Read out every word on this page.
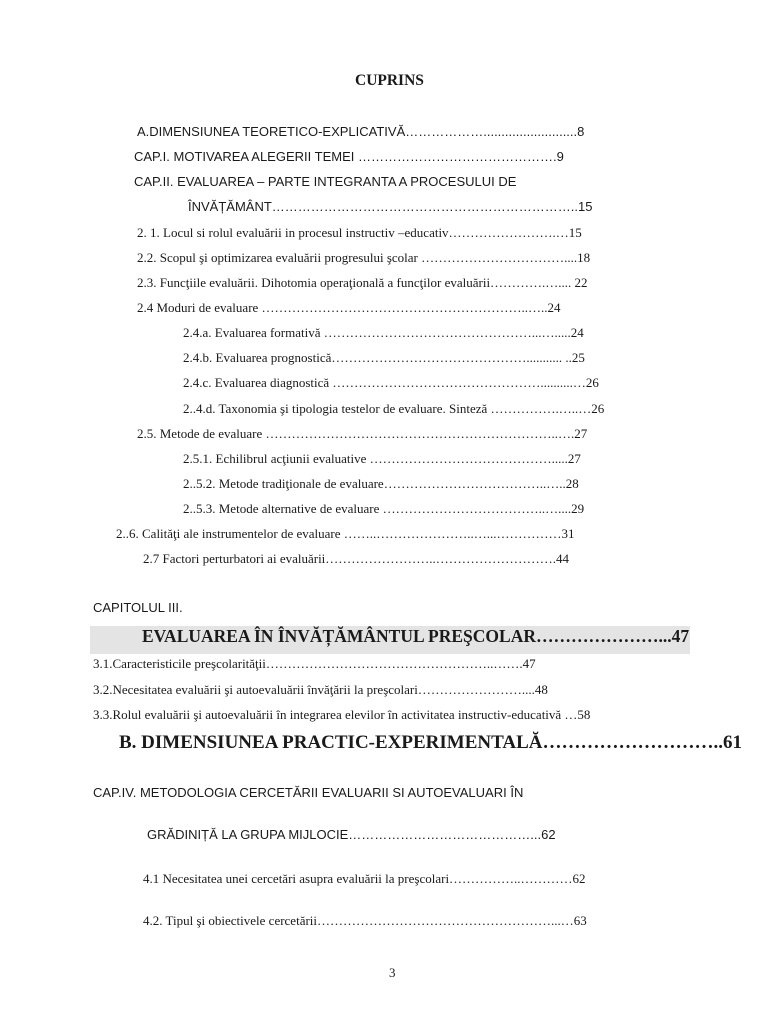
CUPRINS
A.DIMENSIUNEA TEORETICO-EXPLICATIVĂ………………..........................8
CAP.I. MOTIVAREA ALEGERII TEMEI ……………………………………….9
CAP.II. EVALUAREA – PARTE INTEGRANTA A PROCESULUI DE
ÎNVĂȚĂMÂNT……………………………………………………………..15
2. 1. Locul si rolul evaluării in procesul instructiv –educativ…………………….…15
2.2. Scopul şi optimizarea evaluării progresului şcolar ……………………………....18
2.3. Funcţiile evaluării. Dihotomia operaţională a funcţilor evaluării………….….... 22
2.4 Moduri de evaluare ……………………………………………………..…..24
2.4.a. Evaluarea formativă …………………………………………...….....24
2.4.b. Evaluarea prognostică………………………………………........... ..25
2.4.c. Evaluarea diagnostică …………………………………………..........…26
2..4.d. Taxonomia şi tipologia testelor de evaluare. Sinteză …………….…..…26
2.5. Metode de evaluare …………………………………………………………..….27
2.5.1. Echilibrul acţiunii evaluative …………………………………….....27
2..5.2. Metode tradiţionale de evaluare………………………………..…..28
2..5.3. Metode alternative de evaluare ………………………………..…....29
2..6. Calităţi ale instrumentelor de evaluare ……..…………………..…...……………31
2.7 Factori perturbatori ai evaluării……………………..……………………….44
CAPITOLUL III.
EVALUAREA ÎN ÎNVĂȚĂMÂNTUL PREŞCOLAR…………………...47
3.1.Caracteristicile preşcolarităţii……………………………………………..…….47
3.2.Necesitatea evaluării şi autoevaluării învăţării la preşcolari……………………....48
3.3.Rolul evaluării şi autoevaluării în integrarea elevilor în activitatea instructiv-educativă …58
B. DIMENSIUNEA PRACTIC-EXPERIMENTALĂ………………………..61
CAP.IV. METODOLOGIA CERCETĂRII EVALUARII SI AUTOEVALUARI ÎN
GRĂDINIȚĂ LA GRUPA MIJLOCIE……………………………………...62
4.1 Necesitatea unei cercetări asupra evaluării la preşcolari……………..…………62
4.2. Tipul şi obiectivele cercetării………………………………………………...…63
3
